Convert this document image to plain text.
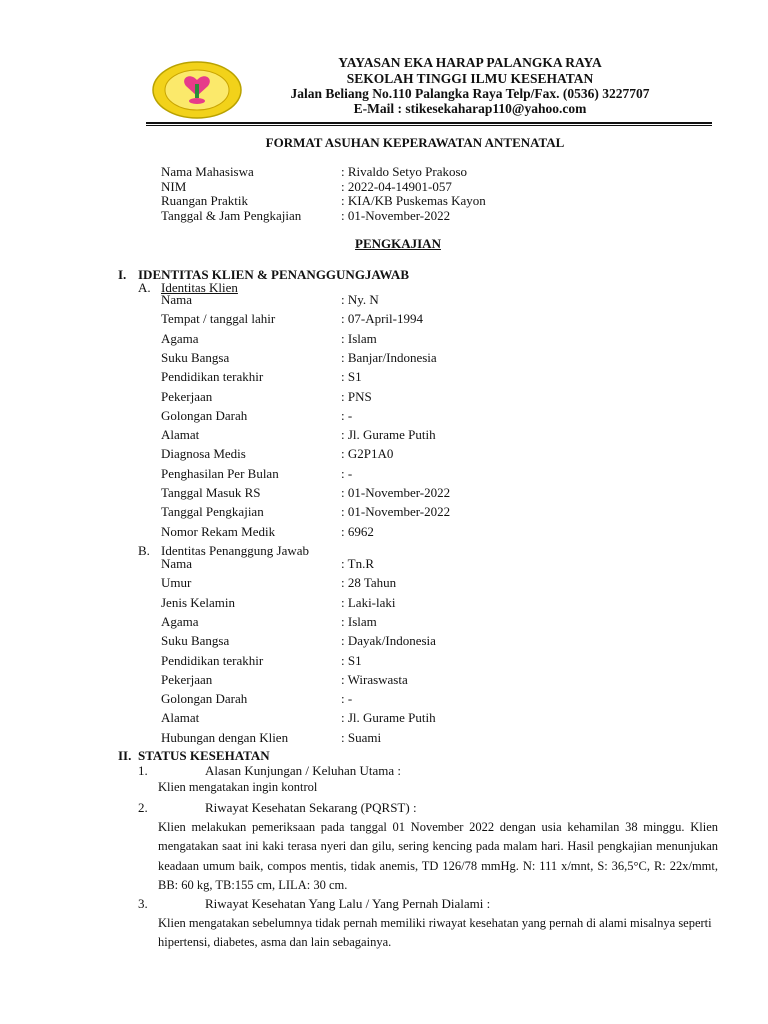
YAYASAN EKA HARAP PALANGKA RAYA
SEKOLAH TINGGI ILMU KESEHATAN
Jalan Beliang No.110 Palangka Raya Telp/Fax. (0536) 3227707
E-Mail : stikesekaharap110@yahoo.com
FORMAT ASUHAN KEPERAWATAN ANTENATAL
Nama Mahasiswa	: Rivaldo Setyo Prakoso
NIM	: 2022-04-14901-057
Ruangan Praktik	: KIA/KB Puskemas Kayon
Tanggal & Jam Pengkajian	: 01-November-2022
PENGKAJIAN
I. IDENTITAS KLIEN & PENANGGUNGJAWAB
A. Identitas Klien
Nama	: Ny. N
Tempat / tanggal lahir	: 07-April-1994
Agama	: Islam
Suku Bangsa	: Banjar/Indonesia
Pendidikan terakhir	: S1
Pekerjaan	: PNS
Golongan Darah	: -
Alamat	: Jl. Gurame Putih
Diagnosa Medis	: G2P1A0
Penghasilan Per Bulan	: -
Tanggal Masuk RS	: 01-November-2022
Tanggal Pengkajian	: 01-November-2022
Nomor Rekam Medik	: 6962
B. Identitas Penanggung Jawab
Nama	: Tn.R
Umur	: 28 Tahun
Jenis Kelamin	: Laki-laki
Agama	: Islam
Suku Bangsa	: Dayak/Indonesia
Pendidikan terakhir	: S1
Pekerjaan	: Wiraswasta
Golongan Darah	: -
Alamat	: Jl. Gurame Putih
Hubungan dengan Klien	: Suami
II. STATUS KESEHATAN
1.	Alasan Kunjungan / Keluhan Utama :
Klien mengatakan ingin kontrol
2.	Riwayat Kesehatan Sekarang (PQRST) :
Klien melakukan pemeriksaan pada tanggal 01 November 2022 dengan usia kehamilan 38 minggu. Klien mengatakan saat ini kaki terasa nyeri dan gilu, sering kencing pada malam hari. Hasil pengkajian menunjukan keadaan umum baik, compos mentis, tidak anemis, TD 126/78 mmHg. N: 111 x/mnt, S: 36,5°C, R: 22x/mmt, BB: 60 kg, TB:155 cm, LILA: 30 cm.
3.	Riwayat Kesehatan Yang Lalu / Yang Pernah Dialami :
Klien mengatakan sebelumnya tidak pernah memiliki riwayat kesehatan yang pernah di alami misalnya seperti hipertensi, diabetes, asma dan lain sebagainya.
